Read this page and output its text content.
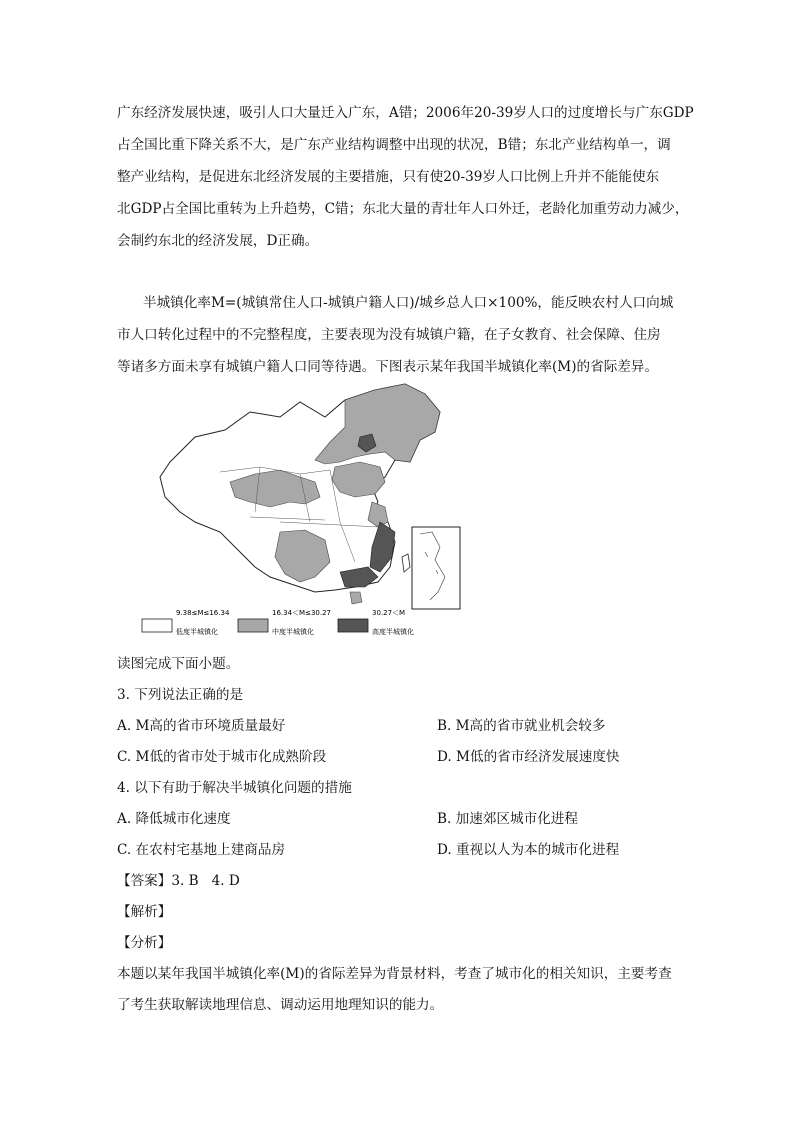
广东经济发展快速，吸引人口大量迁入广东，A错；2006年20-39岁人口的过度增长与广东GDP
占全国比重下降关系不大，是广东产业结构调整中出现的状况，B错；东北产业结构单一，调
整产业结构，是促进东北经济发展的主要措施，只有使20-39岁人口比例上升并不能能使东
北GDP占全国比重转为上升趋势，C错；东北大量的青壮年人口外迁，老龄化加重劳动力减少，
会制约东北的经济发展，D正确。
半城镇化率M=(城镇常住人口-城镇户籍人口)/城乡总人口×100%，能反映农村人口向城
市人口转化过程中的不完整程度，主要表现为没有城镇户籍，在子女教育、社会保障、住房
等诸多方面未享有城镇户籍人口同等待遇。下图表示某年我国半城镇化率(M)的省际差异。
9.38≤M≤16.34
低度半城镇化
16.34＜M≤30.27
中度半城镇化
30.27＜M
高度半城镇化
读图完成下面小题。
3. 下列说法正确的是
A. M高的省市环境质量最好	B. M高的省市就业机会较多
C. M低的省市处于城市化成熟阶段	D. M低的省市经济发展速度快
4. 以下有助于解决半城镇化问题的措施
A. 降低城市化速度	B. 加速郊区城市化进程
C. 在农村宅基地上建商品房	D. 重视以人为本的城市化进程
【答案】3. B   4. D
【解析】
【分析】
本题以某年我国半城镇化率(M)的省际差异为背景材料，考查了城市化的相关知识，主要考查
了考生获取解读地理信息、调动运用地理知识的能力。
